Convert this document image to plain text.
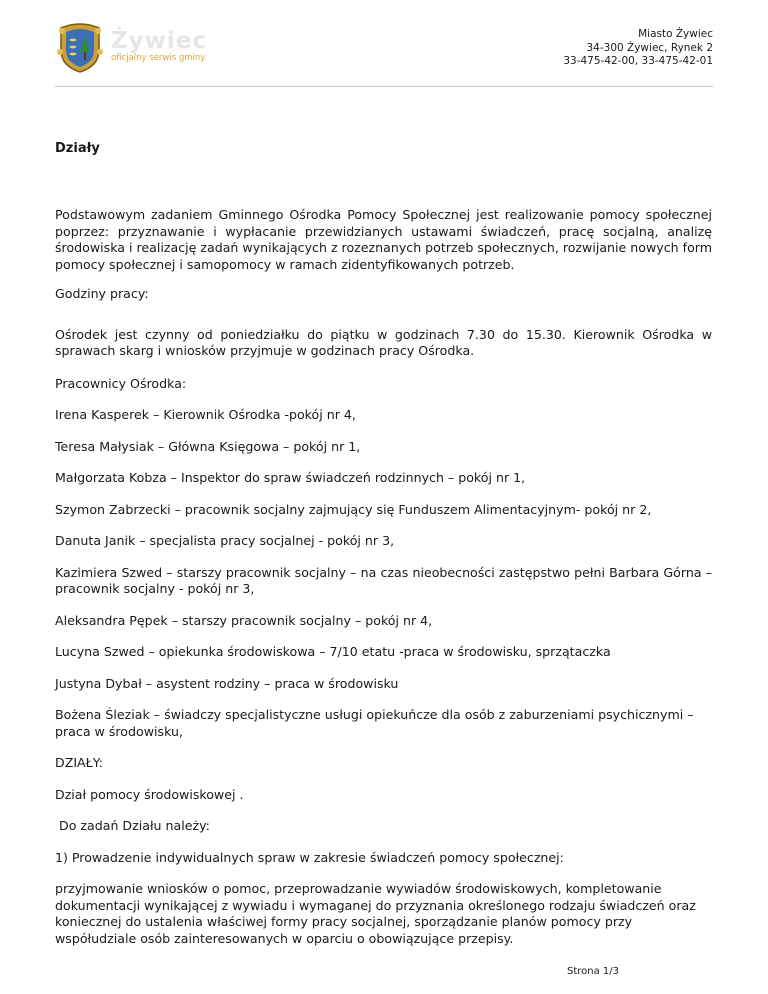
Żywiec
oficjalny serwis gminy
Miasto Żywiec
34-300 Żywiec, Rynek 2
33-475-42-00, 33-475-42-01
Działy

Podstawowym zadaniem Gminnego Ośrodka Pomocy Społecznej jest realizowanie pomocy społecznej poprzez: przyznawanie i wypłacanie przewidzianych ustawami świadczeń, pracę socjalną, analizę środowiska i realizację zadań wynikających z rozeznanych potrzeb społecznych, rozwijanie nowych form pomocy społecznej i samopomocy w ramach zidentyfikowanych potrzeb.

Godziny pracy:

Ośrodek jest czynny od poniedziałku do piątku w godzinach 7.30 do 15.30. Kierownik Ośrodka w sprawach skarg i wniosków przyjmuje w godzinach pracy Ośrodka.

Pracownicy Ośrodka:

Irena Kasperek – Kierownik Ośrodka -pokój nr 4,

Teresa Małysiak – Główna Księgowa – pokój nr 1,

Małgorzata Kobza – Inspektor do spraw świadczeń rodzinnych – pokój nr 1,

Szymon Zabrzecki – pracownik socjalny zajmujący się Funduszem Alimentacyjnym- pokój nr 2,

Danuta Janik – specjalista pracy socjalnej - pokój nr 3,

Kazimiera Szwed – starszy pracownik socjalny – na czas nieobecności zastępstwo pełni Barbara Górna – pracownik socjalny - pokój nr 3,

Aleksandra Pępek – starszy pracownik socjalny – pokój nr 4,

Lucyna Szwed – opiekunka środowiskowa – 7/10 etatu -praca w środowisku, sprzątaczka

Justyna Dybał – asystent rodziny – praca w środowisku

Bożena Śleziak – świadczy specjalistyczne usługi opiekuńcze dla osób z zaburzeniami psychicznymi – praca w środowisku,

DZIAŁY:

Dział pomocy środowiskowej .

Do zadań Działu należy:

1) Prowadzenie indywidualnych spraw w zakresie świadczeń pomocy społecznej:

przyjmowanie wniosków o pomoc, przeprowadzanie wywiadów środowiskowych, kompletowanie dokumentacji wynikającej z wywiadu i wymaganej do przyznania określonego rodzaju świadczeń oraz koniecznej do ustalenia właściwej formy pracy socjalnej, sporządzanie planów pomocy przy współudziale osób zainteresowanych w oparciu o obowiązujące przepisy.

Strona 1/3
